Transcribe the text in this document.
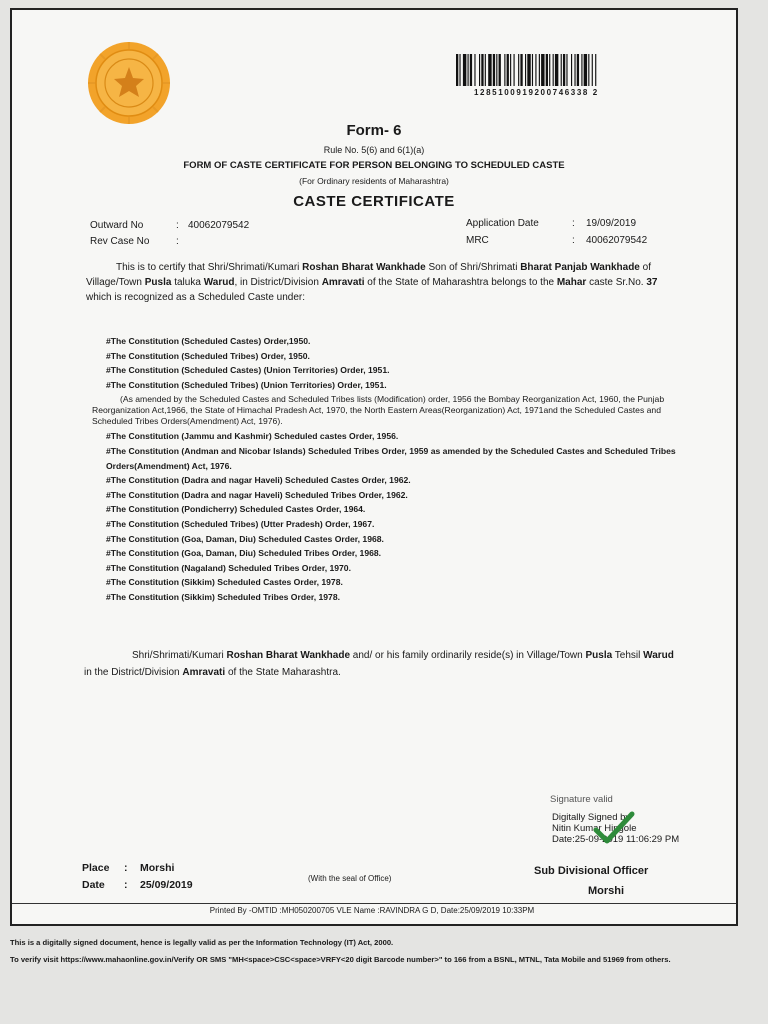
1285100919200746338 2
Form- 6
Rule No. 5(6) and 6(1)(a)
FORM OF CASTE CERTIFICATE FOR PERSON BELONGING TO SCHEDULED CASTE
(For Ordinary residents of Maharashtra)
CASTE CERTIFICATE
Outward No	: 40062079542
Rev Case No	:
Application Date	: 19/09/2019
MRC	: 40062079542
This is to certify that Shri/Shrimati/Kumari Roshan Bharat Wankhade Son of Shri/Shrimati Bharat Panjab Wankhade of Village/Town Pusla taluka Warud, in District/Division Amravati of the State of Maharashtra belongs to the Mahar caste Sr.No. 37 which is recognized as a Scheduled Caste under:
#The Constitution (Scheduled Castes) Order,1950.
#The Constitution (Scheduled Tribes) Order, 1950.
#The Constitution (Scheduled Castes) (Union Territories) Order, 1951.
#The Constitution (Scheduled Tribes) (Union Territories) Order, 1951.
(As amended by the Scheduled Castes and Scheduled Tribes lists (Modification) order, 1956 the Bombay Reorganization Act, 1960, the Punjab Reorganization Act,1966, the State of Himachal Pradesh Act, 1970, the North Eastern Areas(Reorganization) Act, 1971and the Scheduled Castes and Scheduled Tribes Orders(Amendment) Act, 1976).
#The Constitution (Jammu and Kashmir) Scheduled castes Order, 1956.
#The Constitution (Andman and Nicobar Islands) Scheduled Tribes Order, 1959 as amended by the Scheduled Castes and Scheduled Tribes Orders(Amendment) Act, 1976.
#The Constitution (Dadra and nagar Haveli) Scheduled Castes Order, 1962.
#The Constitution (Dadra and nagar Haveli) Scheduled Tribes Order, 1962.
#The Constitution (Pondicherry) Scheduled Castes Order, 1964.
#The Constitution (Scheduled Tribes) (Utter Pradesh) Order, 1967.
#The Constitution (Goa, Daman, Diu) Scheduled Castes Order, 1968.
#The Constitution (Goa, Daman, Diu) Scheduled Tribes Order, 1968.
#The Constitution (Nagaland) Scheduled Tribes Order, 1970.
#The Constitution (Sikkim) Scheduled Castes Order, 1978.
#The Constitution (Sikkim) Scheduled Tribes Order, 1978.
Shri/Shrimati/Kumari Roshan Bharat Wankhade and/ or his family ordinarily reside(s) in Village/Town Pusla Tehsil Warud in the District/Division Amravati of the State Maharashtra.
Signature valid
Digitally Signed by
Nitin Kumar Hingole
Date:25-09-2019 11:06:29 PM
Place : Morshi
Date : 25/09/2019
(With the seal of Office)
Sub Divisional Officer
Morshi
Printed By -OMTID :MH050200705 VLE Name :RAVINDRA G D, Date:25/09/2019 10:33PM
This is a digitally signed document, hence is legally valid as per the Information Technology (IT) Act, 2000.
To verify visit https://www.mahaonline.gov.in/Verify OR SMS "MH<space>CSC<space>VRFY<20 digit Barcode number>" to 166 from a BSNL, MTNL, Tata Mobile and 51969 from others.
